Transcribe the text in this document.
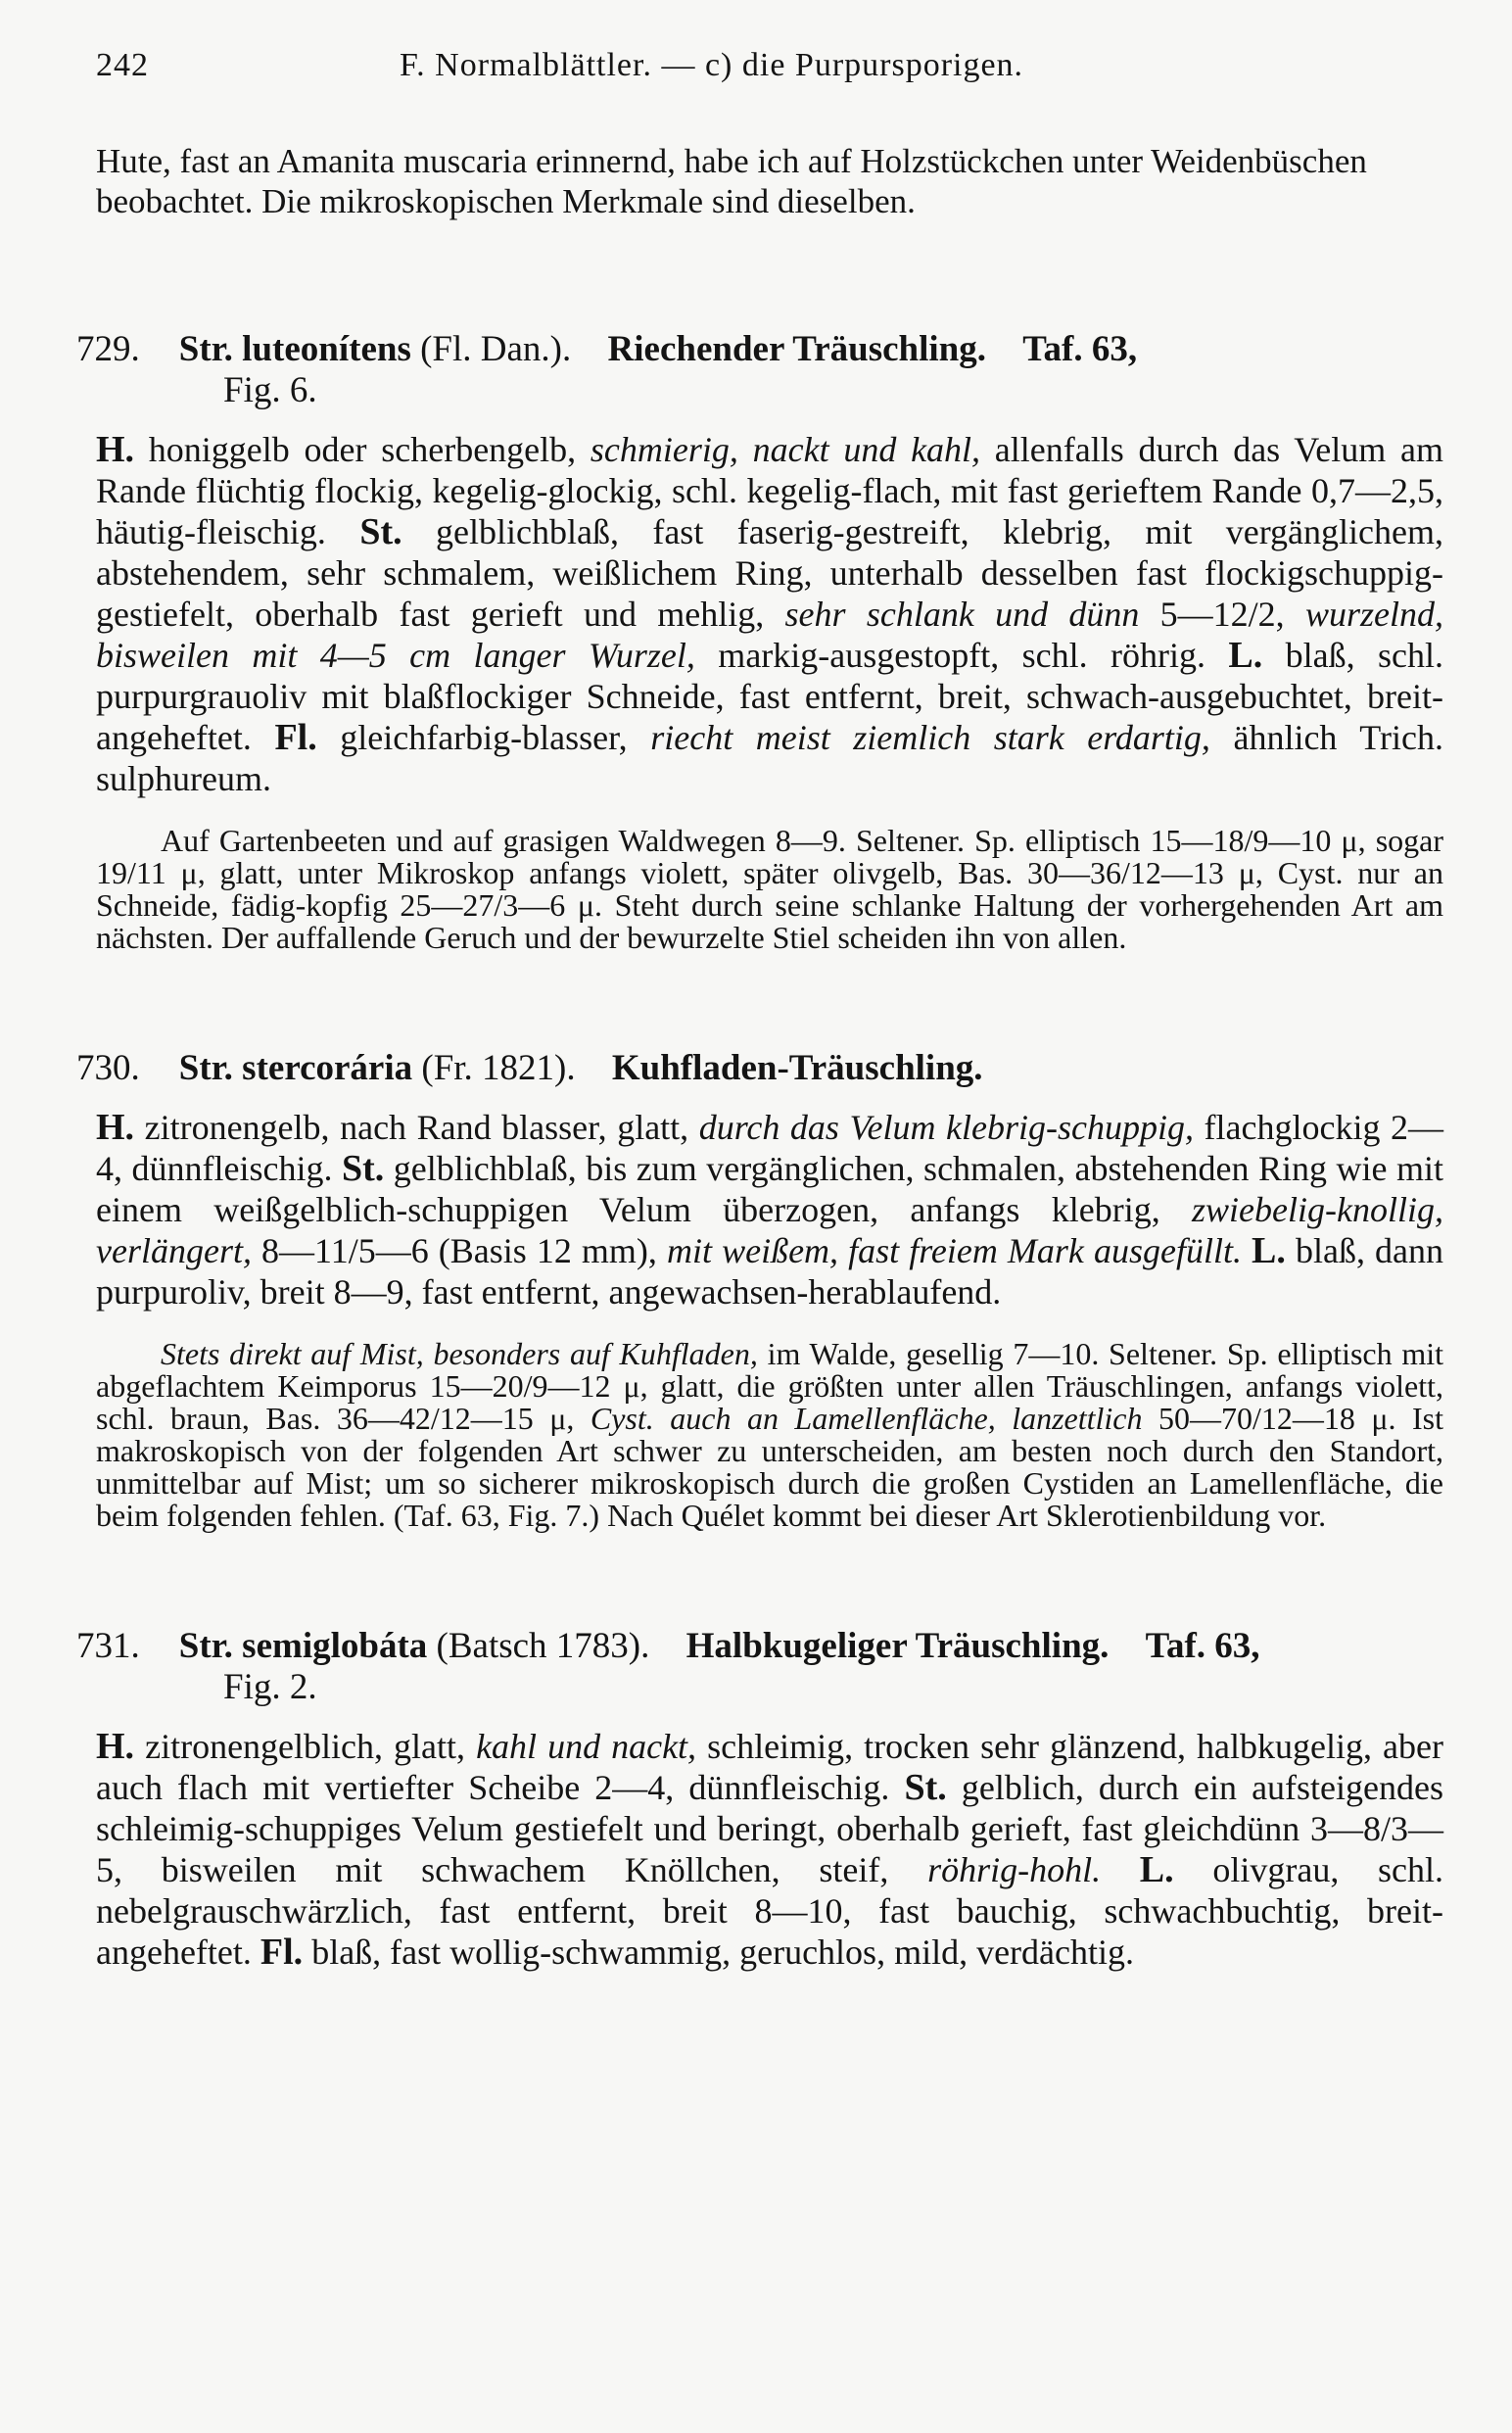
242	F. Normalblättler. — c) die Purpursporigen.

Hute, fast an Amanita muscaria erinnernd, habe ich auf Holzstückchen unter Weidenbüschen beobachtet. Die mikroskopischen Merkmale sind dieselben.

729. Str. luteonítens (Fl. Dan.). Riechender Träuschling. Taf. 63,
Fig. 6.

H. honiggelb oder scherbengelb, schmierig, nackt und kahl, allenfalls durch das Velum am Rande flüchtig flockig, kegelig-glockig, schl. kegelig-flach, mit fast gerieftem Rande 0,7—2,5, häutig-fleischig. St. gelblichblaß, fast faserig-gestreift, klebrig, mit vergänglichem, abstehendem, sehr schmalem, weißlichem Ring, unterhalb desselben fast flockigschuppig-gestiefelt, oberhalb fast gerieft und mehlig, sehr schlank und dünn 5—12/2, wurzelnd, bisweilen mit 4—5 cm langer Wurzel, markig-ausgestopft, schl. röhrig. L. blaß, schl. purpurgrauoliv mit blaßflockiger Schneide, fast entfernt, breit, schwach-ausgebuchtet, breit-angeheftet. Fl. gleichfarbig-blasser, riecht meist ziemlich stark erdartig, ähnlich Trich. sulphureum.

Auf Gartenbeeten und auf grasigen Waldwegen 8—9. Seltener. Sp. elliptisch 15—18/9—10 μ, sogar 19/11 μ, glatt, unter Mikroskop anfangs violett, später olivgelb, Bas. 30—36/12—13 μ, Cyst. nur an Schneide, fädig-kopfig 25—27/3—6 μ. Steht durch seine schlanke Haltung der vorhergehenden Art am nächsten. Der auffallende Geruch und der bewurzelte Stiel scheiden ihn von allen.

730. Str. stercorária (Fr. 1821). Kuhfladen-Träuschling.

H. zitronengelb, nach Rand blasser, glatt, durch das Velum klebrig-schuppig, flachglockig 2—4, dünnfleischig. St. gelblichblaß, bis zum vergänglichen, schmalen, abstehenden Ring wie mit einem weißgelblich-schuppigen Velum überzogen, anfangs klebrig, zwiebelig-knollig, verlängert, 8—11/5—6 (Basis 12 mm), mit weißem, fast freiem Mark ausgefüllt. L. blaß, dann purpuroliv, breit 8—9, fast entfernt, angewachsen-herablaufend.

Stets direkt auf Mist, besonders auf Kuhfladen, im Walde, gesellig 7—10. Seltener. Sp. elliptisch mit abgeflachtem Keimporus 15—20/9—12 μ, glatt, die größten unter allen Träuschlingen, anfangs violett, schl. braun, Bas. 36—42/12—15 μ, Cyst. auch an Lamellenfläche, lanzettlich 50—70/12—18 μ. Ist makroskopisch von der folgenden Art schwer zu unterscheiden, am besten noch durch den Standort, unmittelbar auf Mist; um so sicherer mikroskopisch durch die großen Cystiden an Lamellenfläche, die beim folgenden fehlen. (Taf. 63, Fig. 7.) Nach Quélet kommt bei dieser Art Sklerotienbildung vor.

731. Str. semiglobáta (Batsch 1783). Halbkugeliger Träuschling. Taf. 63,
Fig. 2.

H. zitronengelblich, glatt, kahl und nackt, schleimig, trocken sehr glänzend, halbkugelig, aber auch flach mit vertiefter Scheibe 2—4, dünnfleischig. St. gelblich, durch ein aufsteigendes schleimig-schuppiges Velum gestiefelt und beringt, oberhalb gerieft, fast gleichdünn 3—8/3—5, bisweilen mit schwachem Knöllchen, steif, röhrig-hohl. L. olivgrau, schl. nebelgrauschwärzlich, fast entfernt, breit 8—10, fast bauchig, schwachbuchtig, breit-angeheftet. Fl. blaß, fast wollig-schwammig, geruchlos, mild, verdächtig.
